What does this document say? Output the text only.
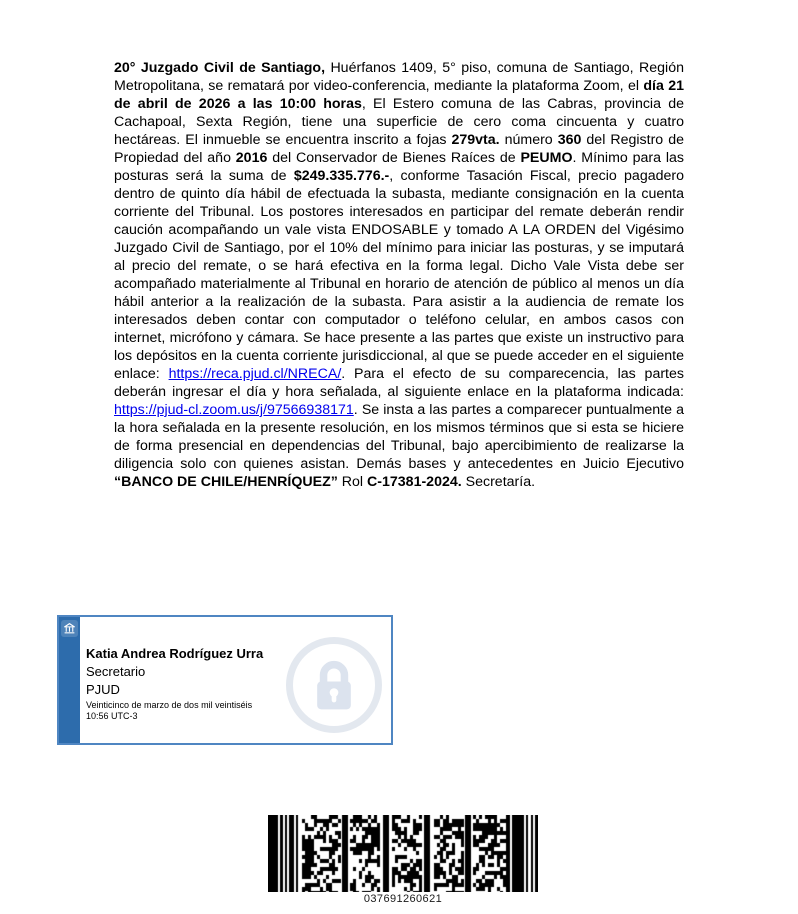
20° Juzgado Civil de Santiago, Huérfanos 1409, 5° piso, comuna de Santiago, Región Metropolitana, se rematará por video-conferencia, mediante la plataforma Zoom, el día 21 de abril de 2026 a las 10:00 horas, El Estero comuna de las Cabras, provincia de Cachapoal, Sexta Región, tiene una superficie de cero coma cincuenta y cuatro hectáreas. El inmueble se encuentra inscrito a fojas 279vta. número 360 del Registro de Propiedad del año 2016 del Conservador de Bienes Raíces de PEUMO. Mínimo para las posturas será la suma de $249.335.776.-, conforme Tasación Fiscal, precio pagadero dentro de quinto día hábil de efectuada la subasta, mediante consignación en la cuenta corriente del Tribunal. Los postores interesados en participar del remate deberán rendir caución acompañando un vale vista ENDOSABLE y tomado A LA ORDEN del Vigésimo Juzgado Civil de Santiago, por el 10% del mínimo para iniciar las posturas, y se imputará al precio del remate, o se hará efectiva en la forma legal. Dicho Vale Vista debe ser acompañado materialmente al Tribunal en horario de atención de público al menos un día hábil anterior a la realización de la subasta. Para asistir a la audiencia de remate los interesados deben contar con computador o teléfono celular, en ambos casos con internet, micrófono y cámara. Se hace presente a las partes que existe un instructivo para los depósitos en la cuenta corriente jurisdiccional, al que se puede acceder en el siguiente enlace: https://reca.pjud.cl/NRECA/. Para el efecto de su comparecencia, las partes deberán ingresar el día y hora señalada, al siguiente enlace en la plataforma indicada: https://pjud-cl.zoom.us/j/97566938171. Se insta a las partes a comparecer puntualmente a la hora señalada en la presente resolución, en los mismos términos que si esta se hiciere de forma presencial en dependencias del Tribunal, bajo apercibimiento de realizarse la diligencia solo con quienes asistan. Demás bases y antecedentes en Juicio Ejecutivo “BANCO DE CHILE/HENRÍQUEZ” Rol C-17381-2024. Secretaría.
Katia Andrea Rodríguez Urra
Secretario
PJUD
Veinticinco de marzo de dos mil veintiséis
10:56 UTC-3
037691260621
